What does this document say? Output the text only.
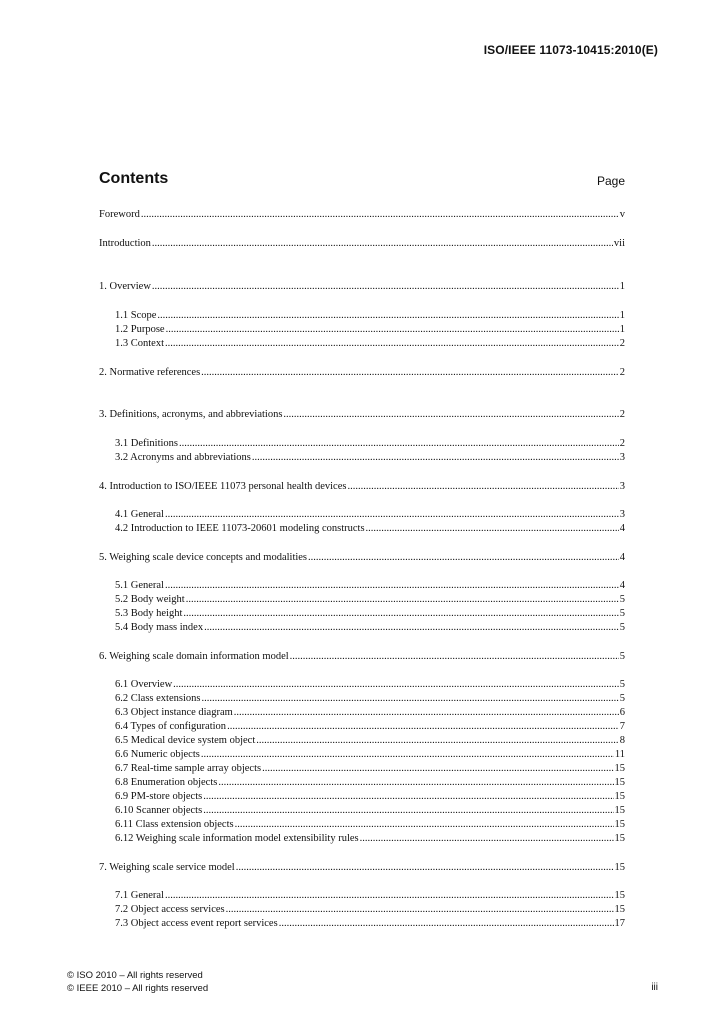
ISO/IEEE 11073-10415:2010(E)
Contents	Page
Foreword .....	v
Introduction .....	vii
1. Overview .....	1
1.1 Scope .....	1
1.2 Purpose .....	1
1.3 Context .....	2
2. Normative references .....	2
3. Definitions, acronyms, and abbreviations .....	2
3.1 Definitions .....	2
3.2 Acronyms and abbreviations .....	3
4. Introduction to ISO/IEEE 11073 personal health devices .....	3
4.1 General .....	3
4.2 Introduction to IEEE 11073-20601 modeling constructs .....	4
5. Weighing scale device concepts and modalities .....	4
5.1 General .....	4
5.2 Body weight .....	5
5.3 Body height .....	5
5.4 Body mass index .....	5
6. Weighing scale domain information model .....	5
6.1 Overview .....	5
6.2 Class extensions .....	5
6.3 Object instance diagram .....	6
6.4 Types of configuration .....	7
6.5 Medical device system object .....	8
6.6 Numeric objects .....	11
6.7 Real-time sample array objects .....	15
6.8 Enumeration objects .....	15
6.9 PM-store objects .....	15
6.10 Scanner objects .....	15
6.11 Class extension objects .....	15
6.12 Weighing scale information model extensibility rules .....	15
7. Weighing scale service model .....	15
7.1 General .....	15
7.2 Object access services .....	15
7.3 Object access event report services .....	17
© ISO 2010 – All rights reserved
© IEEE 2010 – All rights reserved	iii
